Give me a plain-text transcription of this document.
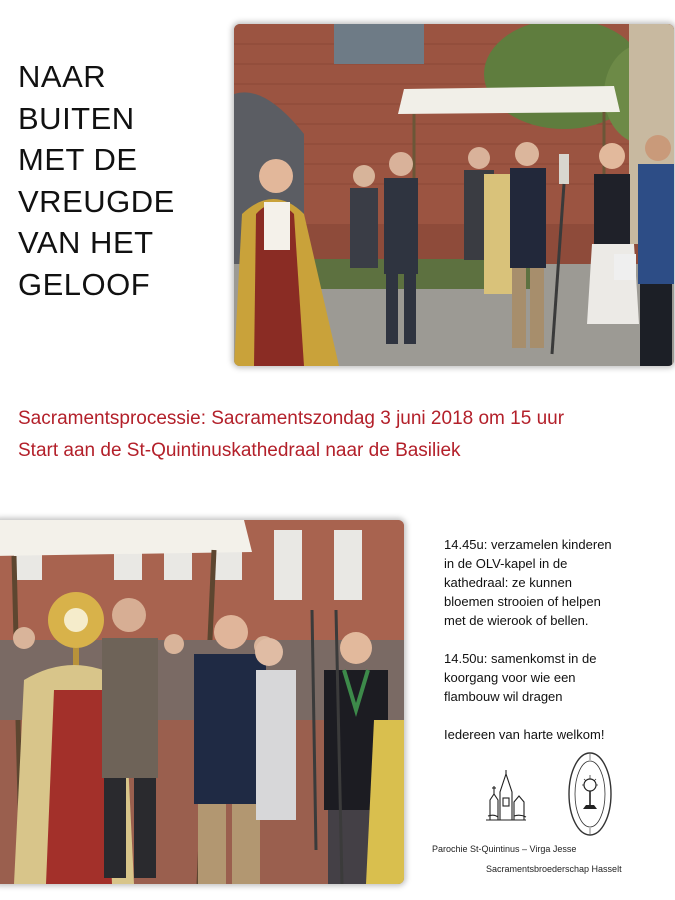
NAAR
BUITEN
MET DE
VREUGDE
VAN HET
GELOOF

Sacramentsprocessie: Sacramentszondag 3 juni 2018 om 15 uur

Start aan de St-Quintinuskathedraal naar de Basiliek

14.45u: verzamelen kinderen
in de OLV-kapel in de
kathedraal: ze kunnen
bloemen strooien of helpen
met de wierook of bellen.

14.50u: samenkomst in de
koorgang voor wie een
flambouw wil dragen

Iedereen van harte welkom!

Parochie St-Quintinus – Virga Jesse

Sacramentsbroederschap Hasselt
